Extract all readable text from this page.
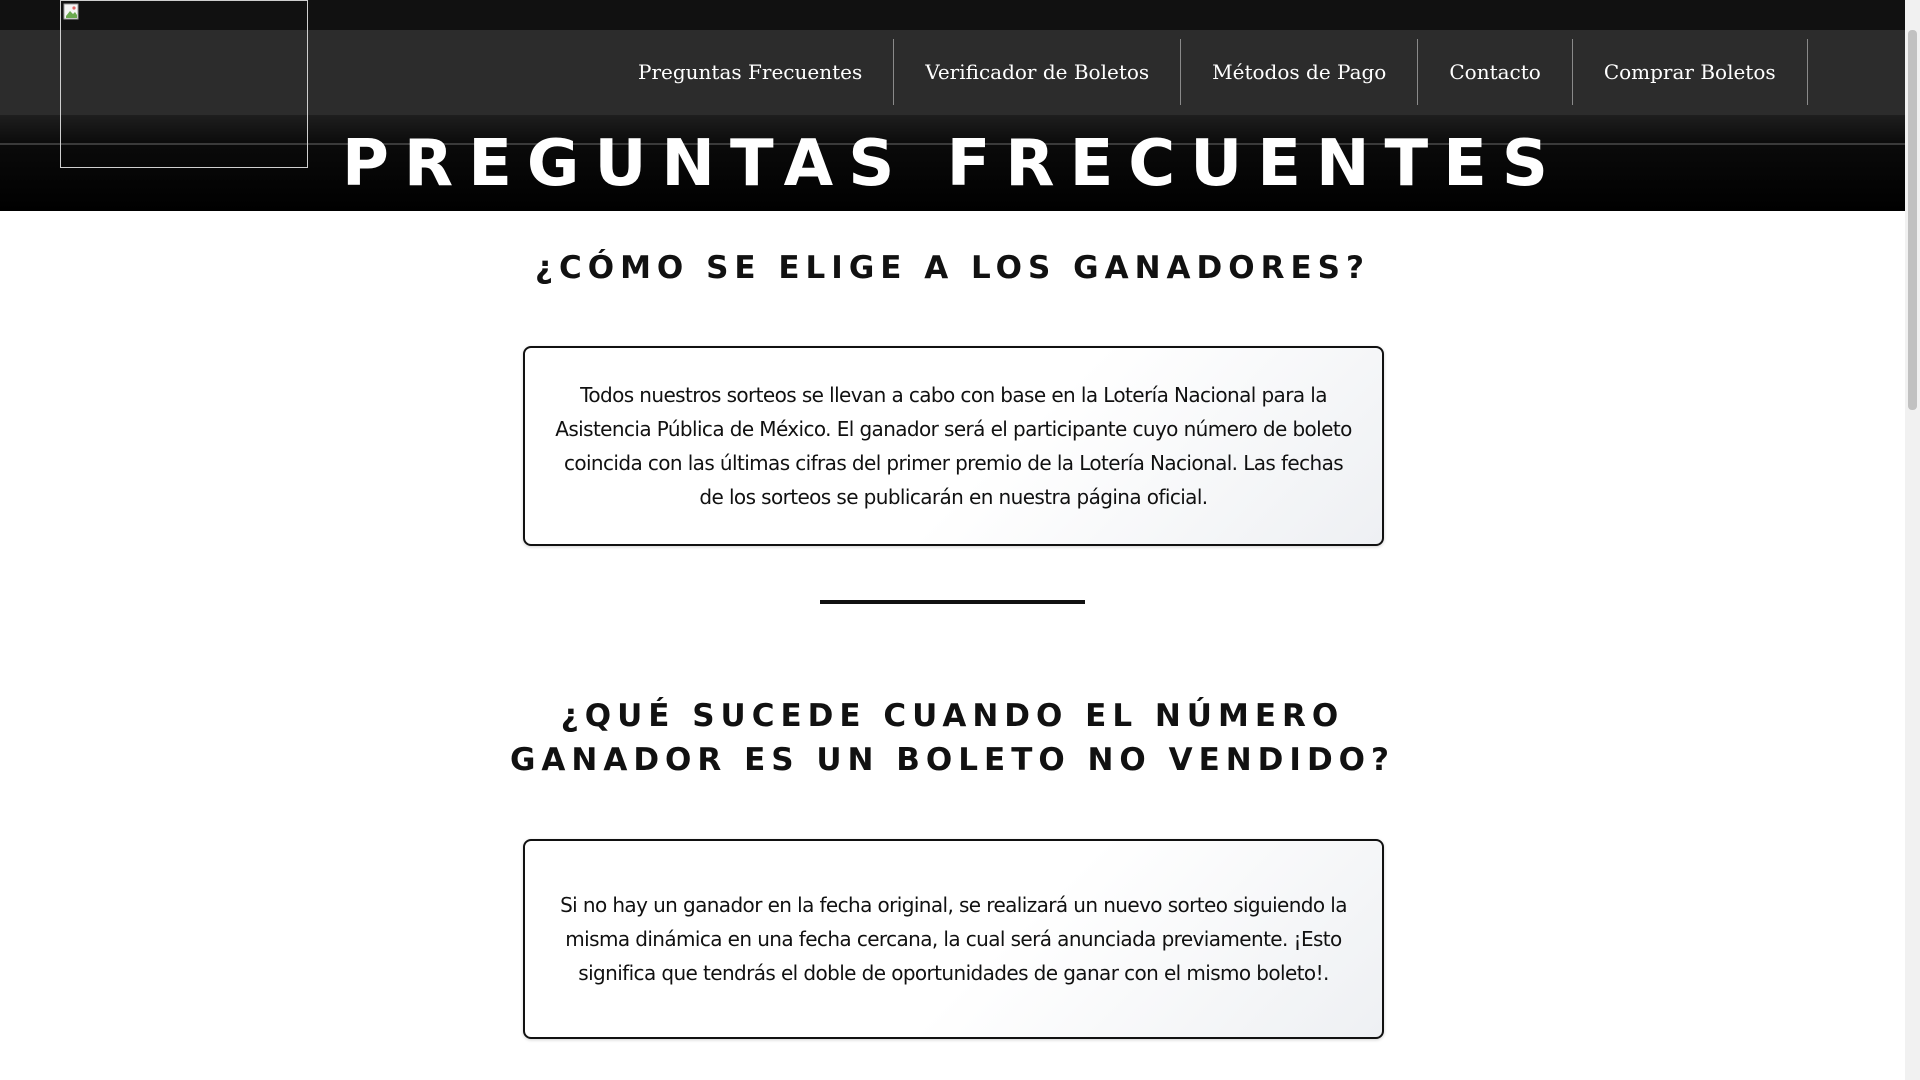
Preguntas Frecuentes	Verificador de Boletos	Métodos de Pago	Contacto	Comprar Boletos
PREGUNTAS FRECUENTES
¿CÓMO SE ELIGE A LOS GANADORES?
Todos nuestros sorteos se llevan a cabo con base en la Lotería Nacional para la Asistencia Pública de México. El ganador será el participante cuyo número de boleto coincida con las últimas cifras del primer premio de la Lotería Nacional. Las fechas de los sorteos se publicarán en nuestra página oficial.
¿QUÉ SUCEDE CUANDO EL NÚMERO
GANADOR ES UN BOLETO NO VENDIDO?
Si no hay un ganador en la fecha original, se realizará un nuevo sorteo siguiendo la misma dinámica en una fecha cercana, la cual será anunciada previamente. ¡Esto significa que tendrás el doble de oportunidades de ganar con el mismo boleto!.
